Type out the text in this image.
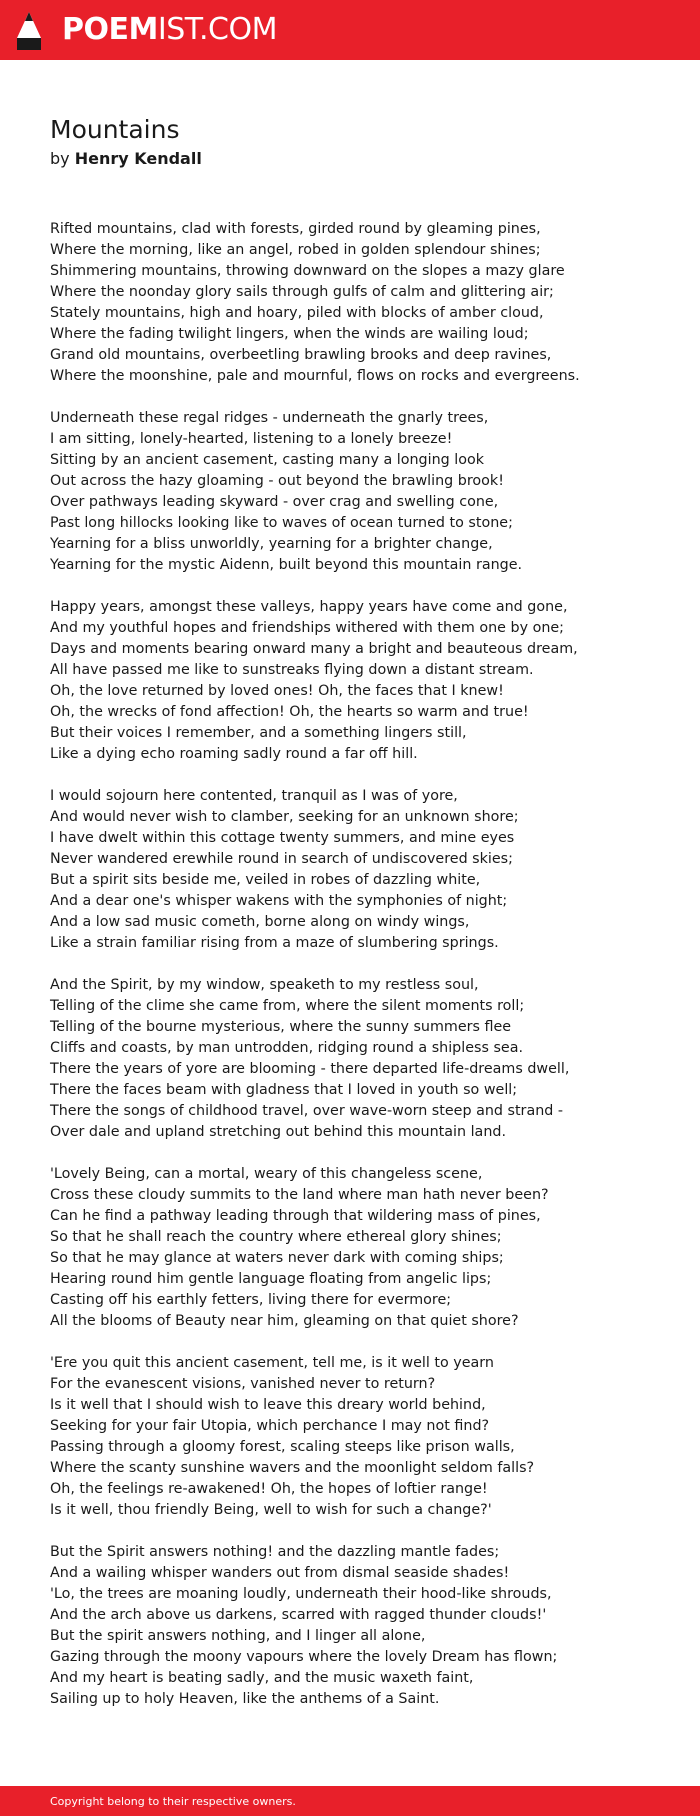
POEMIST.COM
Mountains
by Henry Kendall
Rifted mountains, clad with forests, girded round by gleaming pines,
Where the morning, like an angel, robed in golden splendour shines;
Shimmering mountains, throwing downward on the slopes a mazy glare
Where the noonday glory sails through gulfs of calm and glittering air;
Stately mountains, high and hoary, piled with blocks of amber cloud,
Where the fading twilight lingers, when the winds are wailing loud;
Grand old mountains, overbeetling brawling brooks and deep ravines,
Where the moonshine, pale and mournful, flows on rocks and evergreens.
Underneath these regal ridges - underneath the gnarly trees,
I am sitting, lonely-hearted, listening to a lonely breeze!
Sitting by an ancient casement, casting many a longing look
Out across the hazy gloaming - out beyond the brawling brook!
Over pathways leading skyward - over crag and swelling cone,
Past long hillocks looking like to waves of ocean turned to stone;
Yearning for a bliss unworldly, yearning for a brighter change,
Yearning for the mystic Aidenn, built beyond this mountain range.
Happy years, amongst these valleys, happy years have come and gone,
And my youthful hopes and friendships withered with them one by one;
Days and moments bearing onward many a bright and beauteous dream,
All have passed me like to sunstreaks flying down a distant stream.
Oh, the love returned by loved ones! Oh, the faces that I knew!
Oh, the wrecks of fond affection! Oh, the hearts so warm and true!
But their voices I remember, and a something lingers still,
Like a dying echo roaming sadly round a far off hill.
I would sojourn here contented, tranquil as I was of yore,
And would never wish to clamber, seeking for an unknown shore;
I have dwelt within this cottage twenty summers, and mine eyes
Never wandered erewhile round in search of undiscovered skies;
But a spirit sits beside me, veiled in robes of dazzling white,
And a dear one's whisper wakens with the symphonies of night;
And a low sad music cometh, borne along on windy wings,
Like a strain familiar rising from a maze of slumbering springs.
And the Spirit, by my window, speaketh to my restless soul,
Telling of the clime she came from, where the silent moments roll;
Telling of the bourne mysterious, where the sunny summers flee
Cliffs and coasts, by man untrodden, ridging round a shipless sea.
There the years of yore are blooming - there departed life-dreams dwell,
There the faces beam with gladness that I loved in youth so well;
There the songs of childhood travel, over wave-worn steep and strand -
Over dale and upland stretching out behind this mountain land.
'Lovely Being, can a mortal, weary of this changeless scene,
Cross these cloudy summits to the land where man hath never been?
Can he find a pathway leading through that wildering mass of pines,
So that he shall reach the country where ethereal glory shines;
So that he may glance at waters never dark with coming ships;
Hearing round him gentle language floating from angelic lips;
Casting off his earthly fetters, living there for evermore;
All the blooms of Beauty near him, gleaming on that quiet shore?
'Ere you quit this ancient casement, tell me, is it well to yearn
For the evanescent visions, vanished never to return?
Is it well that I should wish to leave this dreary world behind,
Seeking for your fair Utopia, which perchance I may not find?
Passing through a gloomy forest, scaling steeps like prison walls,
Where the scanty sunshine wavers and the moonlight seldom falls?
Oh, the feelings re-awakened! Oh, the hopes of loftier range!
Is it well, thou friendly Being, well to wish for such a change?'
But the Spirit answers nothing! and the dazzling mantle fades;
And a wailing whisper wanders out from dismal seaside shades!
'Lo, the trees are moaning loudly, underneath their hood-like shrouds,
And the arch above us darkens, scarred with ragged thunder clouds!'
But the spirit answers nothing, and I linger all alone,
Gazing through the moony vapours where the lovely Dream has flown;
And my heart is beating sadly, and the music waxeth faint,
Sailing up to holy Heaven, like the anthems of a Saint.
Copyright belong to their respective owners.
